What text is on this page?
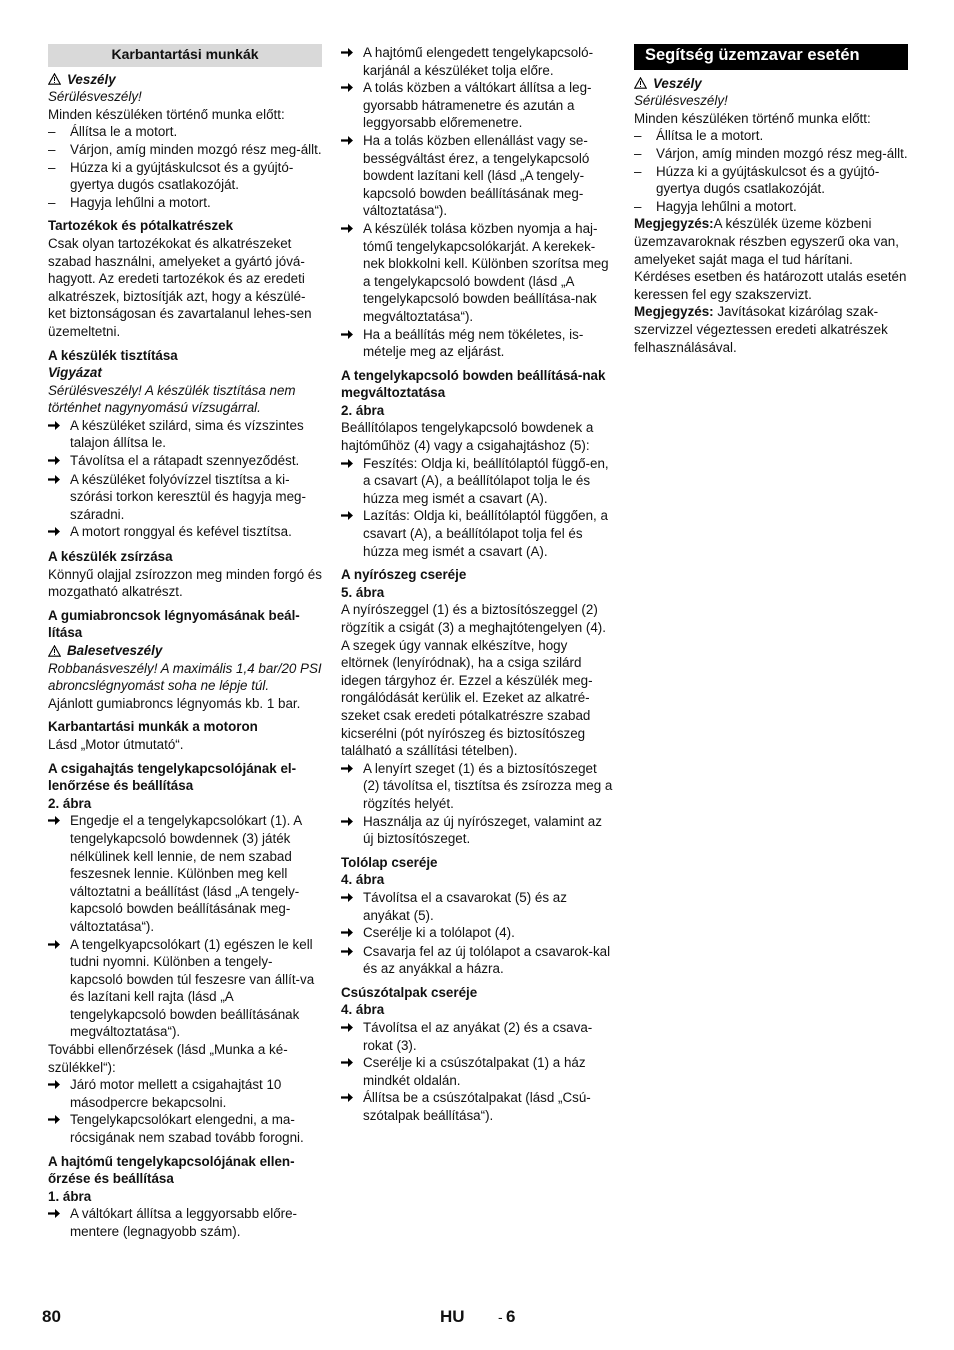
Karbantartási munkák
Veszély

Sérülésveszély!

Minden készüléken történő munka előtt:

–	Állítsa le a motort.
–	Várjon, amíg minden mozgó rész meg-állt.
–	Húzza ki a gyújtáskulcsot és a gyújtó-gyertya dugós csatlakozóját.
–	Hagyja lehűlni a motort.
Tartozékok és pótalkatrészek

Csak olyan tartozékokat és alkatrészeket szabad használni, amelyeket a gyártó jóvá-hagyott. Az eredeti tartozékok és az eredeti alkatrészek, biztosítják azt, hogy a készülé-ket biztonságosan és zavartalanul lehes-sen üzemeltetni.

A készülék tisztítása
Vigyázat

Sérülésveszély! A készülék tisztítása nem történhet nagynyomású vízsugárral.

A készüléket szilárd, sima és vízszintes talajon állítsa le.
Távolítsa el a rátapadt szennyeződést.
A készüléket folyóvízzel tisztítsa a ki-szórási torkon keresztül és hagyja meg-száradni.
A motort ronggyal és kefével tisztítsa.
A készülék zsírzása

Könnyű olajjal zsírozzon meg minden forgó és mozgatható alkatrészt.

A gumiabroncsok légnyomásának beál-lítása
Balesetveszély

Robbanásveszély! A maximális 1,4 bar/20 PSI abroncslégnyomást soha ne lépje túl.

Ajánlott gumiabroncs légnyomás kb. 1 bar.

Karbantartási munkák a motoron

Lásd „Motor útmutató“.

A csigahajtás tengelykapcsolójának el-lenőrzése és beállítása
2. ábra
Engedje el a tengelykapcsolókart (1). A tengelykapcsoló bowdennek (3) játék nélkülinek kell lennie, de nem szabad feszesnek lennie. Különben meg kell változtatni a beállítást (lásd „A tengely-kapcsoló bowden beállításának meg-változtatása“).
A tengelkyapcsolókart (1) egészen le kell tudni nyomni. Különben a tengely-kapcsoló bowden túl feszesre van állít-va és lazítani kell rajta (lásd „A tengelykapcsoló bowden beállításának megváltoztatása“).

További ellenőrzések (lásd „Munka a ké-szülékkel“):

Járó motor mellett a csigahajtást 10 másodpercre bekapcsolni.
Tengelykapcsolókart elengedni, a ma-rócsigának nem szabad tovább forogni.
A hajtómű tengelykapcsolójának ellen-őrzése és beállítása
1. ábra
A váltókart állítsa a leggyorsabb előre-mentere (legnagyobb szám).
A hajtómű elengedett tengelykapcsoló-karjánál a készüléket tolja előre.
A tolás közben a váltókart állítsa a leg-gyorsabb hátramenetre és azután a leggyorsabb előremenetre.
Ha a tolás közben ellenállást vagy se-bességváltást érez, a tengelykapcsoló bowdent lazítani kell (lásd „A tengely-kapcsoló bowden beállításának meg-változtatása“).
A készülék tolása közben nyomja a haj-tómű tengelykapcsolókarját. A kerekek-nek blokkolni kell. Különben szorítsa meg a tengelykapcsoló bowdent (lásd „A tengelykapcsoló bowden beállítása-nak megváltoztatása“).
Ha a beállítás még nem tökéletes, is-mételje meg az eljárást.
A tengelykapcsoló bowden beállításá-nak megváltoztatása
2. ábra

Beállítólapos tengelykapcsoló bowdenek a hajtóműhöz (4) vagy a csigahajtáshoz (5):

Feszítés: Oldja ki, beállítólaptól függő-en, a csavart (A), a beállítólapot tolja le és húzza meg ismét a csavart (A).
Lazítás: Oldja ki, beállítólaptól függően, a csavart (A), a beállítólapot tolja fel és húzza meg ismét a csavart (A).
A nyírószeg cseréje
5. ábra

A nyírószeggel (1) és a biztosítószeggel (2) rögzítik a csigát (3) a meghajtótengelyen (4). A szegek úgy vannak elkészítve, hogy eltörnek (lenyíródnak), ha a csiga szilárd idegen tárgyhoz ér. Ezzel a készülék meg-rongálódását kerülik el. Ezeket az alkatré-szeket csak eredeti pótalkatrészre szabad kicserélni (pót nyírószeg és biztosítószeg található a szállítási tételben).

A lenyírt szeget (1) és a biztosítószeget (2) távolítsa el, tisztítsa és zsírozza meg a rögzítés helyét.
Használja az új nyírószeget, valamint az új biztosítószeget.
Tolólap cseréje
4. ábra
Távolítsa el a csavarokat (5) és az anyákat (5).
Cserélje ki a tolólapot (4).
Csavarja fel az új tolólapot a csavarok-kal és az anyákkal a házra.
Csúszótalpak cseréje
4. ábra
Távolítsa el az anyákat (2) és a csava-rokat (3).
Cserélje ki a csúszótalpakat (1) a ház mindkét oldalán.
Állítsa be a csúszótalpakat (lásd „Csú-szótalpak beállítása“).
Segítség üzemzavar esetén
Veszély

Sérülésveszély!

Minden készüléken történő munka előtt:

–	Állítsa le a motort.
–	Várjon, amíg minden mozgó rész meg-állt.
–	Húzza ki a gyújtáskulcsot és a gyújtó-gyertya dugós csatlakozóját.
–	Hagyja lehűlni a motort.

Megjegyzés:A készülék üzeme közbeni üzemzavaroknak részben egyszerű oka van, amelyeket saját maga el tud hárítani. Kérdéses esetben és határozott utalás esetén keressen fel egy szakszervizt.

Megjegyzés: Javításokat kizárólag szak-szervizzel végeztessen eredeti alkatrészek felhasználásával.

80	HU - 6
